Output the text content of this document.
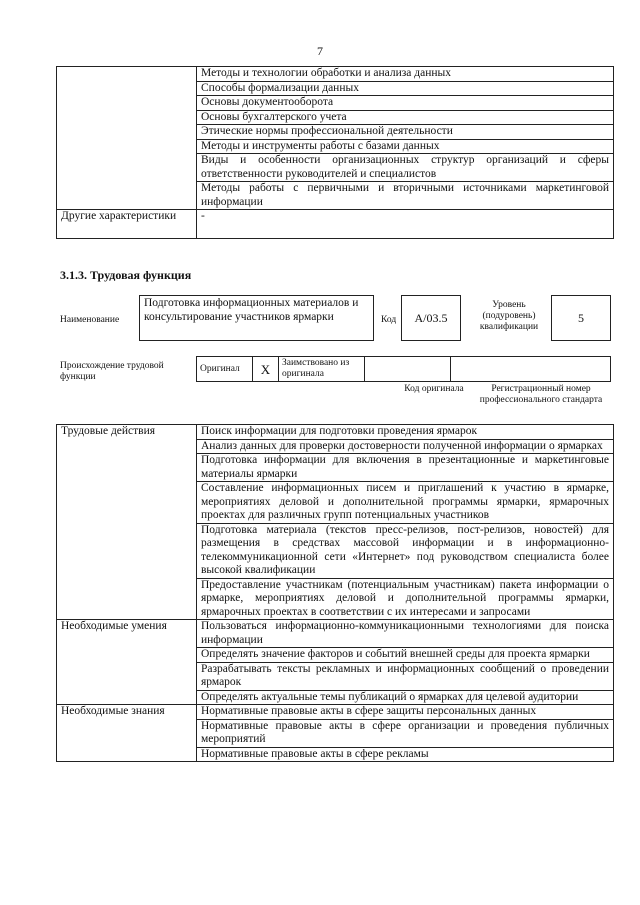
7
	Методы и технологии обработки и анализа данных
	Способы формализации данных
	Основы документооборота
	Основы бухгалтерского учета
	Этические нормы профессиональной деятельности
	Методы и инструменты работы с базами данных
	Виды и особенности организационных структур организаций и сферы ответственности руководителей и специалистов
	Методы работы с первичными и вторичными источниками маркетинговой информации
Другие характеристики	-
3.1.3. Трудовая функция
Наименование
Подготовка информационных материалов и консультирование участников ярмарки	Код	A/03.5
Уровень (подуровень) квалификации
5
Происхождение трудовой функции
Оригинал	X	Заимствовано из оригинала		
Код оригинала	Регистрационный номер профессионального стандарта
Трудовые действия	Поиск информации для подготовки проведения ярмарок
	Анализ данных для проверки достоверности полученной информации о ярмарках
	Подготовка информации для включения в презентационные и маркетинговые материалы ярмарки
	Составление информационных писем и приглашений к участию в ярмарке, мероприятиях деловой и дополнительной программы ярмарки, ярмарочных проектах для различных групп потенциальных участников
	Подготовка материала (текстов пресс-релизов, пост-релизов, новостей) для размещения в средствах массовой информации и в информационно-телекоммуникационной сети «Интернет» под руководством специалиста более высокой квалификации
	Предоставление участникам (потенциальным участникам) пакета информации о ярмарке, мероприятиях деловой и дополнительной программы ярмарки, ярмарочных проектах в соответствии с их интересами и запросами
Необходимые умения	Пользоваться информационно-коммуникационными технологиями для поиска информации
	Определять значение факторов и событий внешней среды для проекта ярмарки
	Разрабатывать тексты рекламных и информационных сообщений о проведении ярмарок
	Определять актуальные темы публикаций о ярмарках для целевой аудитории
Необходимые знания	Нормативные правовые акты в сфере защиты персональных данных
	Нормативные правовые акты в сфере организации и проведения публичных мероприятий
	Нормативные правовые акты в сфере рекламы
